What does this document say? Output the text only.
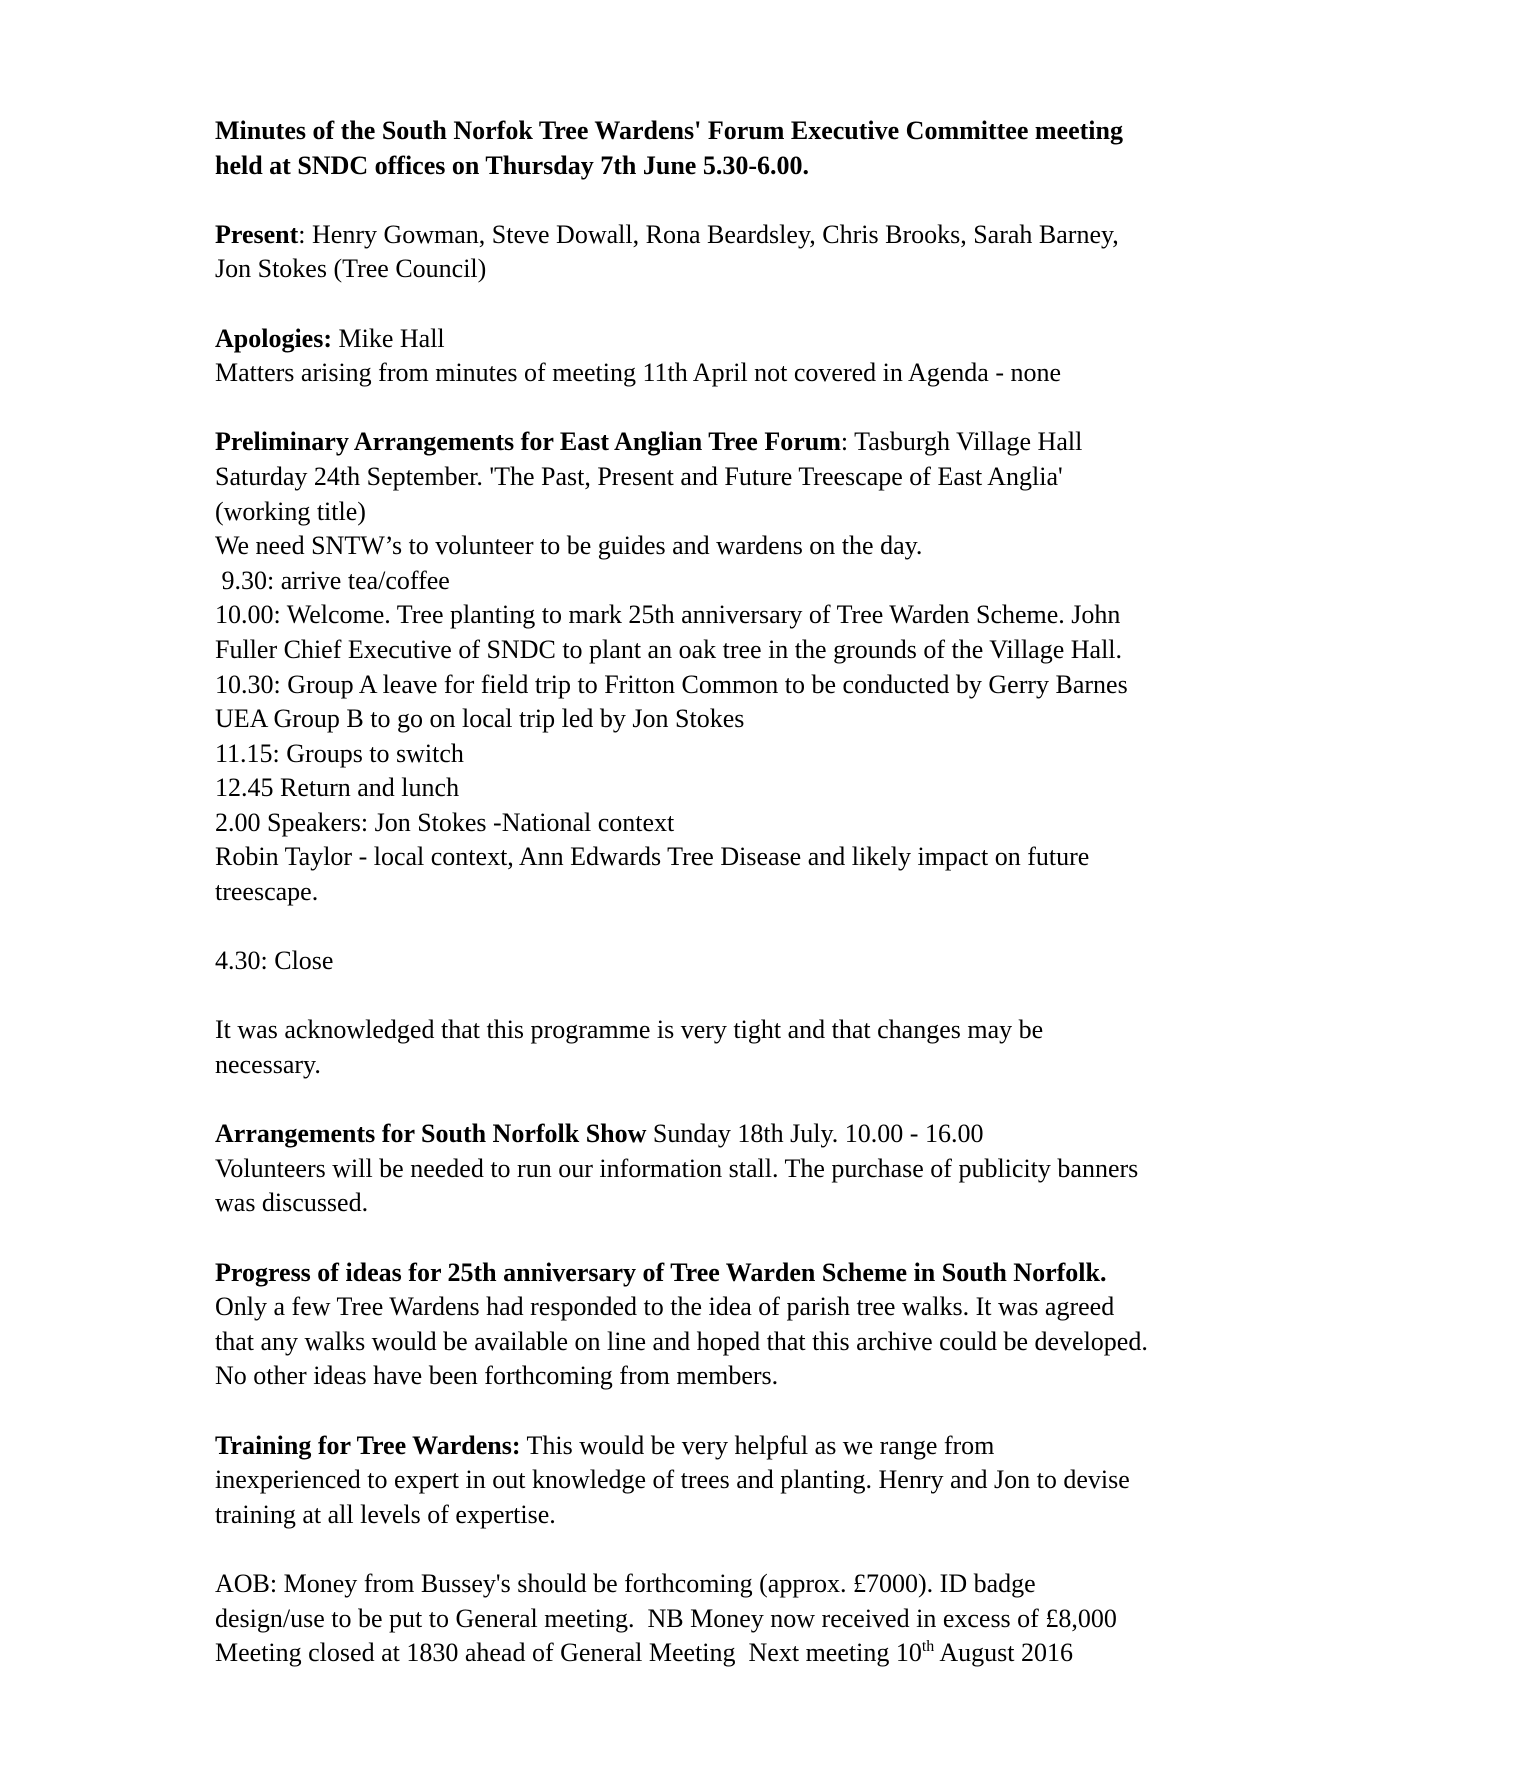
Minutes of the South Norfok Tree Wardens' Forum Executive Committee meeting
held at SNDC offices on Thursday 7th June 5.30-6.00.
Present: Henry Gowman, Steve Dowall, Rona Beardsley, Chris Brooks, Sarah Barney,
Jon Stokes (Tree Council)
Apologies: Mike Hall
Matters arising from minutes of meeting 11th April not covered in Agenda - none
Preliminary Arrangements for East Anglian Tree Forum: Tasburgh Village Hall
Saturday 24th September. 'The Past, Present and Future Treescape of East Anglia'
(working title)
We need SNTW’s to volunteer to be guides and wardens on the day.
9.30: arrive tea/coffee
10.00: Welcome. Tree planting to mark 25th anniversary of Tree Warden Scheme. John
Fuller Chief Executive of SNDC to plant an oak tree in the grounds of the Village Hall.
10.30: Group A leave for field trip to Fritton Common to be conducted by Gerry Barnes
UEA Group B to go on local trip led by Jon Stokes
11.15: Groups to switch
12.45 Return and lunch
2.00 Speakers: Jon Stokes -National context
Robin Taylor - local context, Ann Edwards Tree Disease and likely impact on future
treescape.
4.30: Close
It was acknowledged that this programme is very tight and that changes may be
necessary.
Arrangements for South Norfolk Show Sunday 18th July. 10.00 - 16.00
Volunteers will be needed to run our information stall. The purchase of publicity banners
was discussed.
Progress of ideas for 25th anniversary of Tree Warden Scheme in South Norfolk.
Only a few Tree Wardens had responded to the idea of parish tree walks. It was agreed
that any walks would be available on line and hoped that this archive could be developed.
No other ideas have been forthcoming from members.
Training for Tree Wardens: This would be very helpful as we range from
inexperienced to expert in out knowledge of trees and planting. Henry and Jon to devise
training at all levels of expertise.
AOB: Money from Bussey's should be forthcoming (approx. £7000). ID badge
design/use to be put to General meeting.  NB Money now received in excess of £8,000
Meeting closed at 1830 ahead of General Meeting  Next meeting 10th August 2016
